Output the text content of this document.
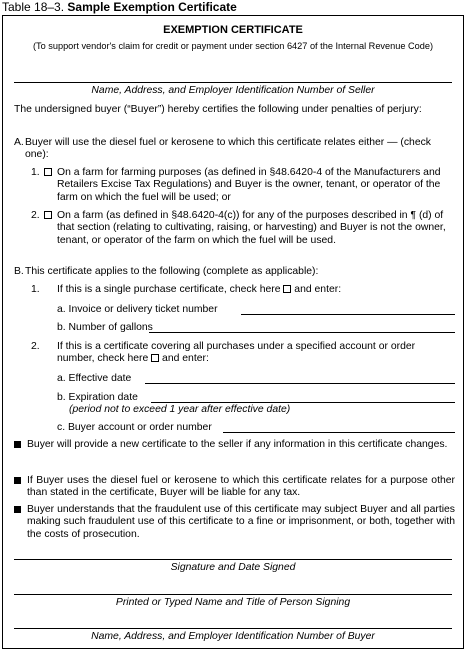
Table 18–3. Sample Exemption Certificate
EXEMPTION CERTIFICATE
(To support vendor's claim for credit or payment under section 6427 of the Internal Revenue Code)
Name, Address, and Employer Identification Number of Seller
The undersigned buyer (“Buyer”) hereby certifies the following under penalties of perjury:
A. Buyer will use the diesel fuel or kerosene to which this certificate relates either — (check one):
1. On a farm for farming purposes (as defined in §48.6420-4 of the Manufacturers and Retailers Excise Tax Regulations) and Buyer is the owner, tenant, or operator of the farm on which the fuel will be used; or
2. On a farm (as defined in §48.6420-4(c)) for any of the purposes described in ¶ (d) of that section (relating to cultivating, raising, or harvesting) and Buyer is not the owner, tenant, or operator of the farm on which the fuel will be used.
B. This certificate applies to the following (complete as applicable):
1. If this is a single purchase certificate, check here and enter:
a. Invoice or delivery ticket number
b. Number of gallons
2. If this is a certificate covering all purchases under a specified account or order
number, check here and enter:
a. Effective date
b. Expiration date
(period not to exceed 1 year after effective date)
c. Buyer account or order number
Buyer will provide a new certificate to the seller if any information in this certificate changes.
If Buyer uses the diesel fuel or kerosene to which this certificate relates for a purpose other than stated in the certificate, Buyer will be liable for any tax.
Buyer understands that the fraudulent use of this certificate may subject Buyer and all parties making such fraudulent use of this certificate to a fine or imprisonment, or both, together with the costs of prosecution.
Signature and Date Signed
Printed or Typed Name and Title of Person Signing
Name, Address, and Employer Identification Number of Buyer
